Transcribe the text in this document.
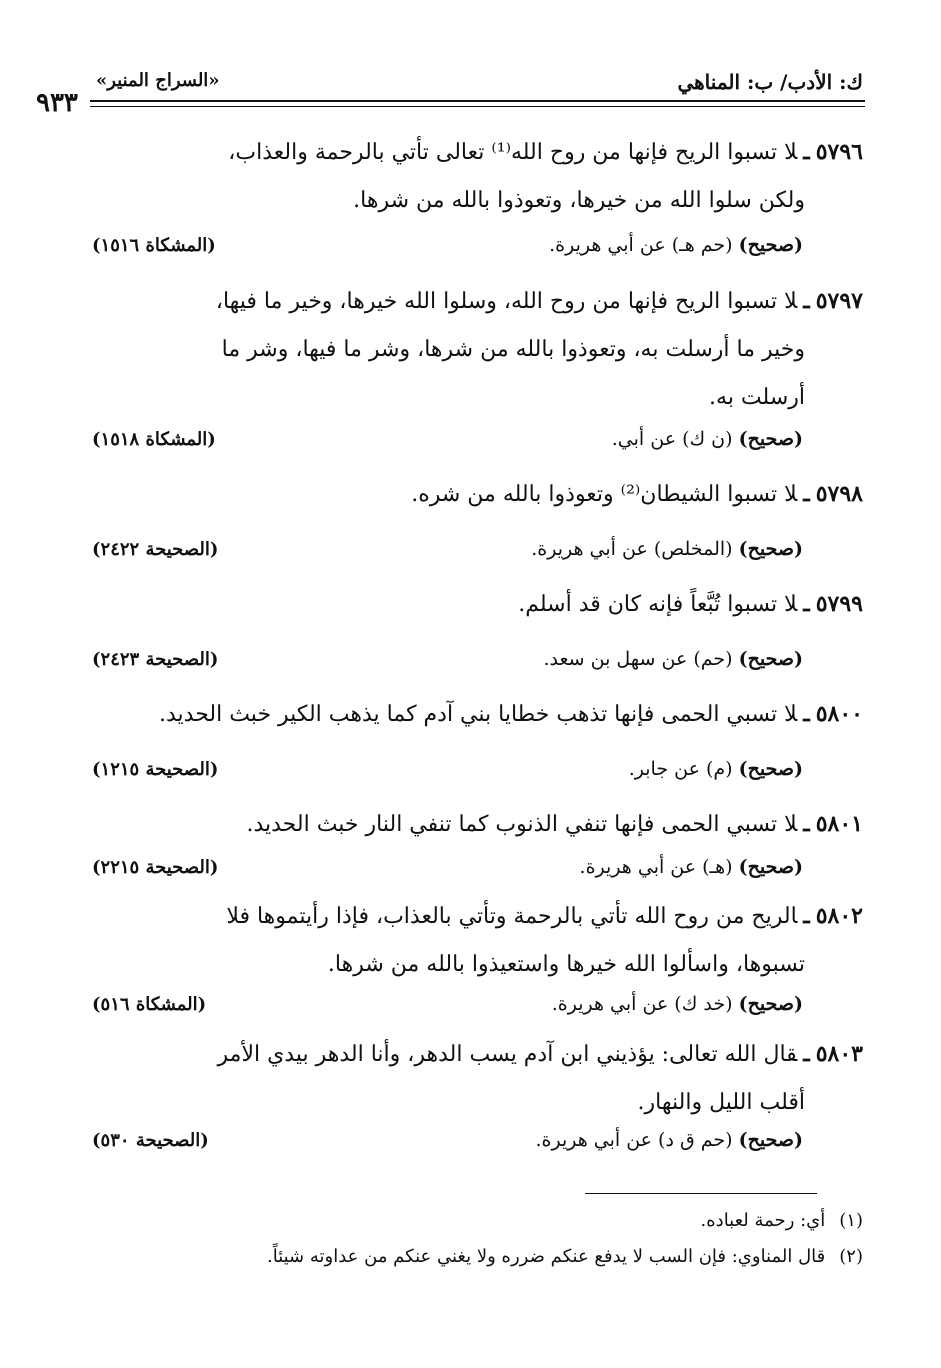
ك: الأدب/ ب: المناهي
«السراج المنير»
٩٣٣
٥٧٩٦ـلا تسبوا الريح فإنها من روح الله⁽¹⁾ تعالى تأتي بالرحمة والعذاب،
ولكن سلوا الله من خيرها، وتعوذوا بالله من شرها.
(صحيح) (حم هـ) عن أبي هريرة.
(المشكاة ١٥١٦)
٥٧٩٧ـلا تسبوا الريح فإنها من روح الله، وسلوا الله خيرها، وخير ما فيها،
وخير ما أرسلت به، وتعوذوا بالله من شرها، وشر ما فيها، وشر ما
أرسلت به.
(صحيح) (ن ك) عن أبي.
(المشكاة ١٥١٨)
٥٧٩٨ـلا تسبوا الشيطان⁽²⁾ وتعوذوا بالله من شره.
(صحيح) (المخلص) عن أبي هريرة.
(الصحيحة ٢٤٢٢)
٥٧٩٩ـلا تسبوا تُبَّعاً فإنه كان قد أسلم.
(صحيح) (حم) عن سهل بن سعد.
(الصحيحة ٢٤٢٣)
٥٨٠٠ـلا تسبي الحمى فإنها تذهب خطايا بني آدم كما يذهب الكير خبث الحديد.
(صحيح) (م) عن جابر.
(الصحيحة ١٢١٥)
٥٨٠١ـلا تسبي الحمى فإنها تنفي الذنوب كما تنفي النار خبث الحديد.
(صحيح) (هـ) عن أبي هريرة.
(الصحيحة ٢٢١٥)
٥٨٠٢ـالريح من روح الله تأتي بالرحمة وتأتي بالعذاب، فإذا رأيتموها فلا
تسبوها، واسألوا الله خيرها واستعيذوا بالله من شرها.
(صحيح) (خد ك) عن أبي هريرة.
(المشكاة ٥١٦)
٥٨٠٣ـقال الله تعالى: يؤذيني ابن آدم يسب الدهر، وأنا الدهر بيدي الأمر
أقلب الليل والنهار.
(صحيح) (حم ق د) عن أبي هريرة.
(الصحيحة ٥٣٠)
(١)أي: رحمة لعباده.
(٢)قال المناوي: فإن السب لا يدفع عنكم ضرره ولا يغني عنكم من عداوته شيئاً.
